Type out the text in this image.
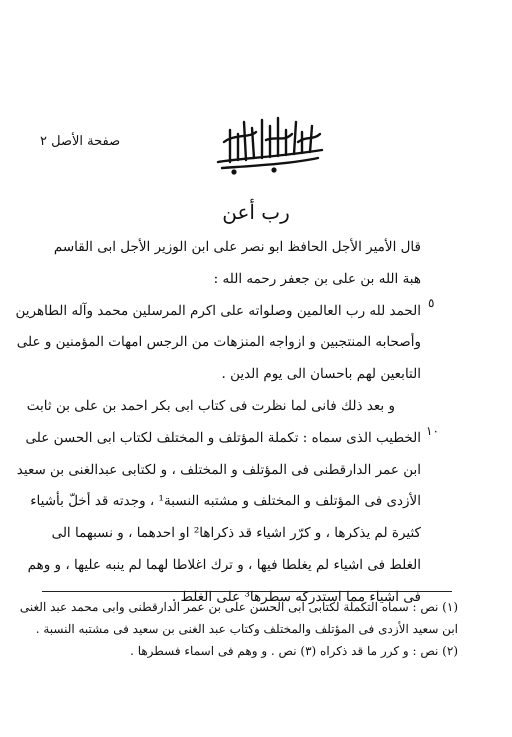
صفحة الأصل ٢
رب أعن
قال الأمير الأجل الحافظ ابو نصر على ابن الوزير الأجل ابى القاسم
هبة الله بن على بن جعفر رحمه الله :
الحمد لله رب العالمين وصلواته على اكرم المرسلين محمد وآله الطاهرين
وأصحابه المنتجبين و ازواجه المنزهات من الرجس امهات المؤمنين و على
التابعين لهم باحسان الى يوم الدين .
و بعد ذلك فانى لما نظرت فى كتاب ابى بكر احمد بن على بن ثابت
الخطيب الذى سماه : تكملة المؤتلف و المختلف لكتاب ابى الحسن على
ابن عمر الدارقطنى فى المؤتلف و المختلف ، و لكتابى عبدالغنى بن سعيد
الأزدى فى المؤتلف و المختلف و مشتبه النسبة¹ ، وجدته قد أخلّ بأشياء
كثيرة لم يذكرها ، و كرّر اشياء قد ذكراها² او احدهما ، و نسبهما الى
الغلط فى اشياء لم يغلطا فيها ، و ترك اغلاطا لهما لم ينبه عليها ، و وهم
فى اشياء مما استدركه سطرها³ على الغلط .
٥
١٠
(١) نص : سماه التكملة لكتابى ابى الحسن على بن عمر الدارقطنى وابى محمد عبد الغنى
ابن سعيد الأزدى فى المؤتلف والمختلف وكتاب عبد الغنى بن سعيد فى مشتبه النسبة .
(٢) نص : و كرر ما قد ذكراه (٣) نص . و وهم فى اسماء فسطرها .
